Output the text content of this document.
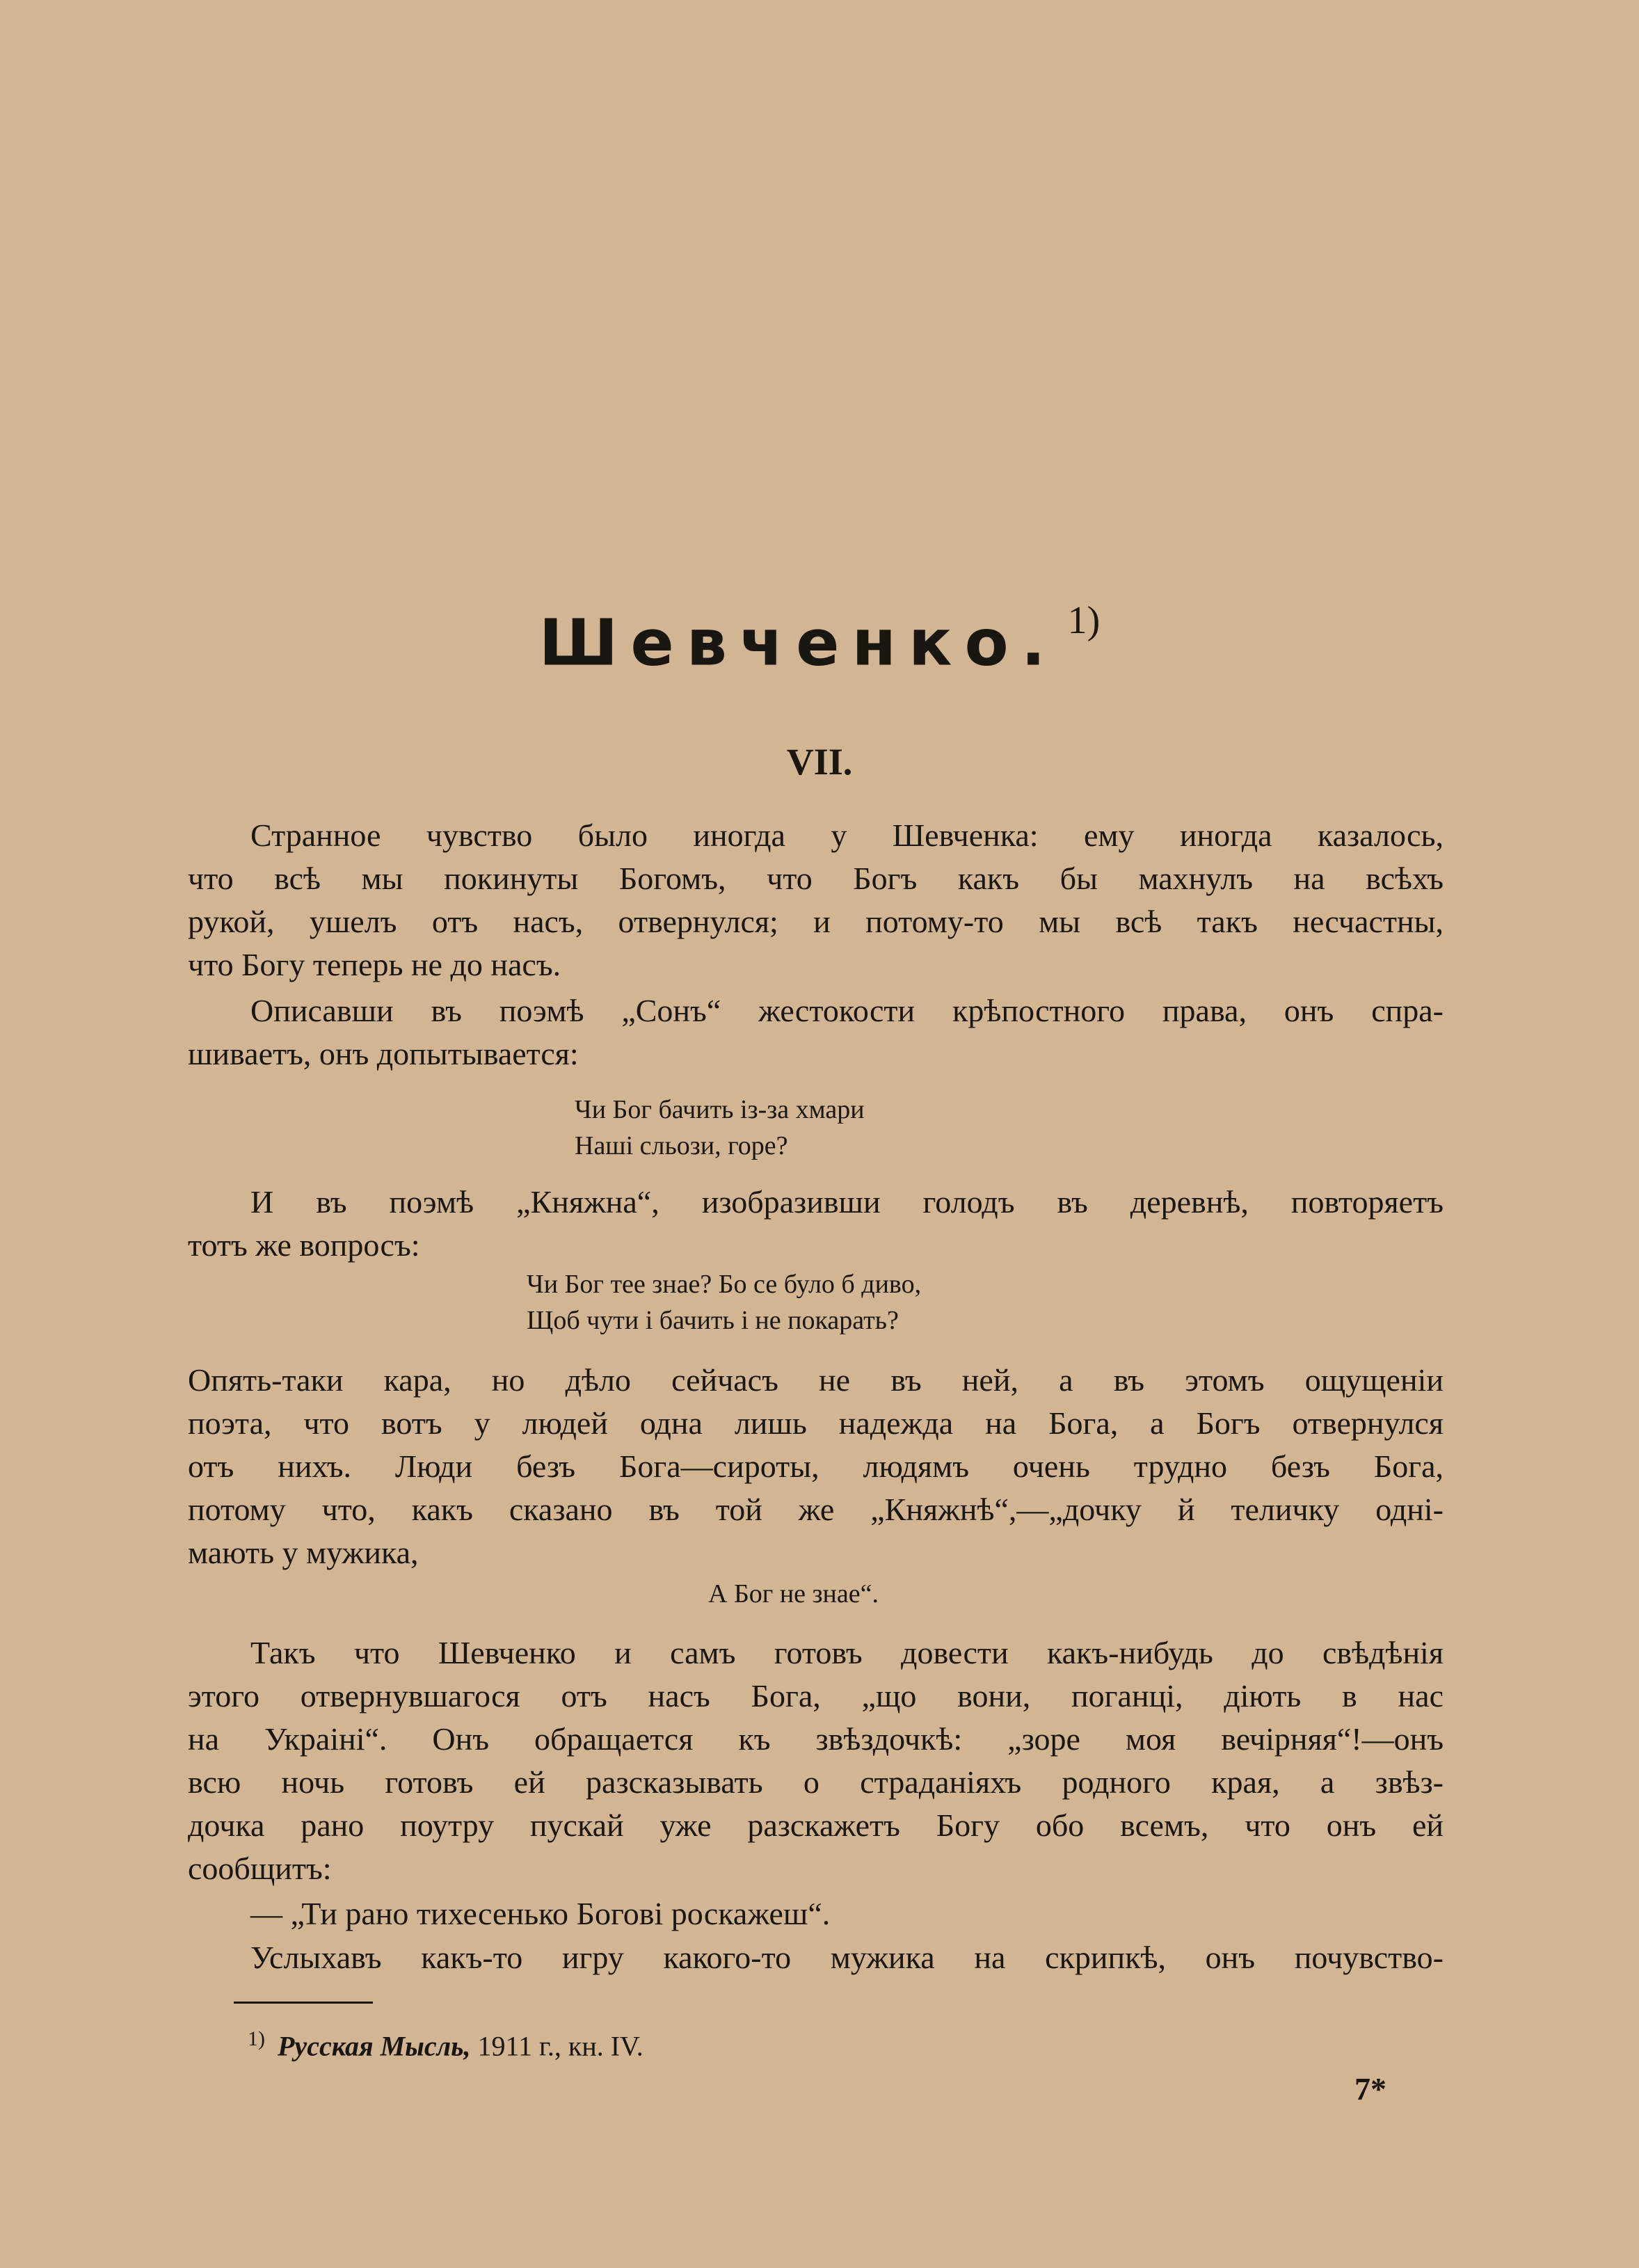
Шевченко. $^{1)}$
VII.
Странное чувство было иногда у Шевченка: ему иногда казалось,
что всѣ мы покинуты Богомъ, что Богъ какъ бы махнулъ на всѣхъ
рукой, ушелъ отъ насъ, отвернулся; и потому-то мы всѣ такъ несчастны,
что Богу теперь не до насъ.
Описавши въ поэмѣ „Сонъ“ жестокости крѣпостного права, онъ спра-
шиваетъ, онъ допытывается:
Чи Бог бачить із-за хмари
Наші сльози, горе?
И въ поэмѣ „Княжна“, изобразивши голодъ въ деревнѣ, повторяетъ
тотъ же вопросъ:
Чи Бог тее знае? Бо се було б диво,
Щоб чути і бачить і не покарать?
Опять-таки кара, но дѣло сейчасъ не въ ней, а въ этомъ ощущеніи
поэта, что вотъ у людей одна лишь надежда на Бога, а Богъ отвернулся
отъ нихъ. Люди безъ Бога—сироты, людямъ очень трудно безъ Бога,
потому что, какъ сказано въ той же „Княжнѣ“,—„дочку й теличку одні-
мають у мужика,
А Бог не знае“.
Такъ что Шевченко и самъ готовъ довести какъ-нибудь до свѣдѣнія
этого отвернувшагося отъ насъ Бога, „що вони, поганці, діють в нас
на Украіні“. Онъ обращается къ звѣздочкѣ: „зоре моя вечірняя“!—онъ
всю ночь готовъ ей разсказывать о страданіяхъ родного края, а звѣз-
дочка рано поутру пускай уже разскажетъ Богу обо всемъ, что онъ ей
сообщитъ:
— „Ти рано тихесенько Богові роскажеш“.
Услыхавъ какъ-то игру какого-то мужика на скрипкѣ, онъ почувство-
$^{1)}$ Русская Мысль, 1911 г., кн. IV.
7*
